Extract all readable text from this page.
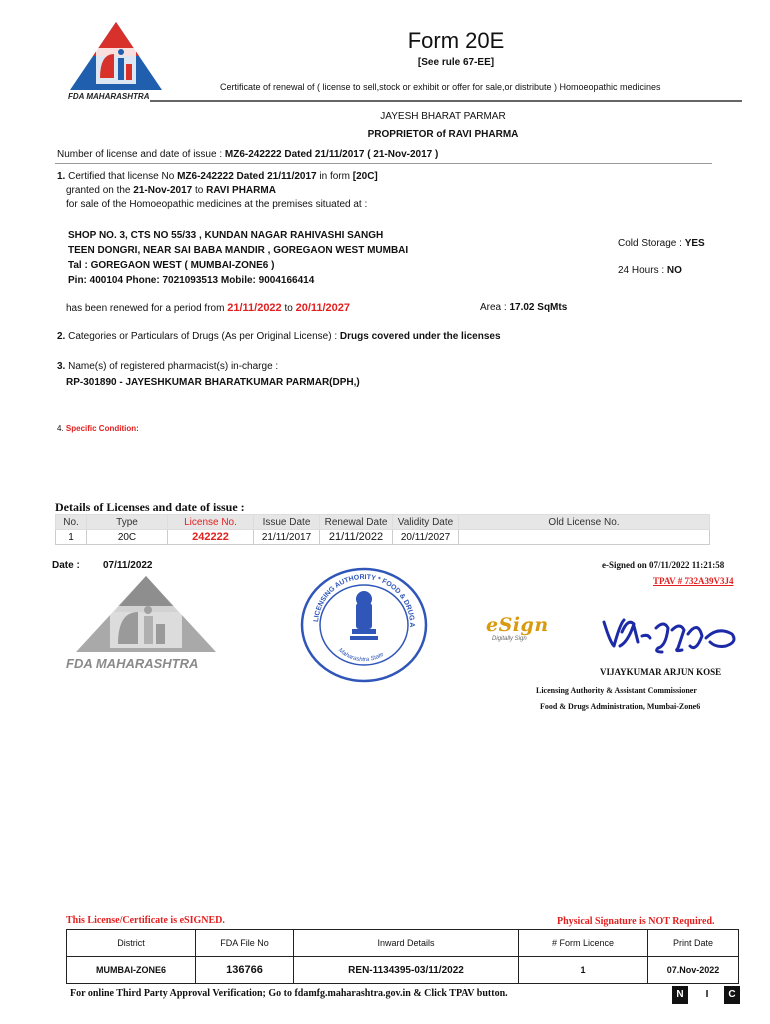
FDA MAHARASHTRA
Form 20E
[See rule 67-EE]
Certificate of renewal of ( license to sell,stock or exhibit or offer for sale,or distribute ) Homoeopathic medicines
JAYESH BHARAT PARMAR
PROPRIETOR of RAVI PHARMA
Number of license and date of issue : MZ6-242222 Dated 21/11/2017 ( 21-Nov-2017 )
1. Certified that license No MZ6-242222 Dated 21/11/2017 in form [20C]
granted on the 21-Nov-2017 to RAVI PHARMA
for sale of the Homoeopathic medicines at the premises situated at :
SHOP NO. 3, CTS NO 55/33 , KUNDAN NAGAR RAHIVASHI SANGH
TEEN DONGRI, NEAR SAI BABA MANDIR , GOREGAON WEST MUMBAI
Tal : GOREGAON WEST ( MUMBAI-ZONE6 )
Pin: 400104 Phone: 7021093513 Mobile: 9004166414
Cold Storage : YES
24 Hours : NO
has been renewed for a period from 21/11/2022 to 20/11/2027	Area : 17.02 SqMts
2. Categories or Particulars of Drugs (As per Original License) : Drugs covered under the licenses
3. Name(s) of registered pharmacist(s) in-charge :
RP-301890 - JAYESHKUMAR BHARATKUMAR PARMAR(DPH,)
4. Specific Condition:
Details of Licenses and date of issue :
No.	Type	License No.	Issue Date	Renewal Date	Validity Date	Old License No.
1	20C	242222	21/11/2017	21/11/2022	20/11/2027	
Date : 07/11/2022
FDA MAHARASHTRA
LICENSING AUTHORITY * FOOD & DRUG A
Maharashtra State
eSign
Digitally Sign
e-Signed on 07/11/2022 11:21:58
TPAV # 732A39V3J4
VIJAYKUMAR ARJUN KOSE
Licensing Authority & Assistant Commissioner
Food & Drugs Administration, Mumbai-Zone6
This License/Certificate is eSIGNED.	Physical Signature is NOT Required.
District	FDA File No	Inward Details	# Form Licence	Print Date
MUMBAI-ZONE6	136766	REN-1134395-03/11/2022	1	07.Nov-2022
For online Third Party Approval Verification; Go to fdamfg.maharashtra.gov.in & Click TPAV button.	N	I	C
